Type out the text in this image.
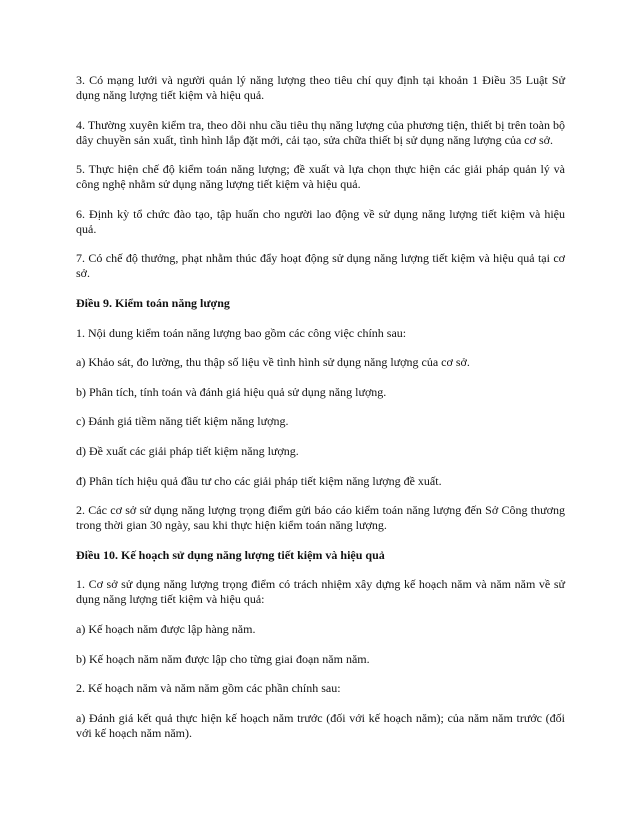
3. Có mạng lưới và người quản lý năng lượng theo tiêu chí quy định tại khoản 1 Điều 35 Luật Sử dụng năng lượng tiết kiệm và hiệu quả.

4. Thường xuyên kiểm tra, theo dõi nhu cầu tiêu thụ năng lượng của phương tiện, thiết bị trên toàn bộ dây chuyền sản xuất, tình hình lắp đặt mới, cải tạo, sửa chữa thiết bị sử dụng năng lượng của cơ sở.

5. Thực hiện chế độ kiểm toán năng lượng; đề xuất và lựa chọn thực hiện các giải pháp quản lý và công nghệ nhằm sử dụng năng lượng tiết kiệm và hiệu quả.

6. Định kỳ tổ chức đào tạo, tập huấn cho người lao động về sử dụng năng lượng tiết kiệm và hiệu quả.

7. Có chế độ thưởng, phạt nhằm thúc đẩy hoạt động sử dụng năng lượng tiết kiệm và hiệu quả tại cơ sở.

Điều 9. Kiểm toán năng lượng

1. Nội dung kiểm toán năng lượng bao gồm các công việc chính sau:

a) Khảo sát, đo lường, thu thập số liệu về tình hình sử dụng năng lượng của cơ sở.

b) Phân tích, tính toán và đánh giá hiệu quả sử dụng năng lượng.

c) Đánh giá tiềm năng tiết kiệm năng lượng.

d) Đề xuất các giải pháp tiết kiệm năng lượng.

đ) Phân tích hiệu quả đầu tư cho các giải pháp tiết kiệm năng lượng đề xuất.

2. Các cơ sở sử dụng năng lượng trọng điểm gửi báo cáo kiểm toán năng lượng đến Sở Công thương trong thời gian 30 ngày, sau khi thực hiện kiểm toán năng lượng.

Điều 10. Kế hoạch sử dụng năng lượng tiết kiệm và hiệu quả

1. Cơ sở sử dụng năng lượng trọng điểm có trách nhiệm xây dựng kế hoạch năm và năm năm về sử dụng năng lượng tiết kiệm và hiệu quả:

a) Kế hoạch năm được lập hàng năm.

b) Kế hoạch năm năm được lập cho từng giai đoạn năm năm.

2. Kế hoạch năm và năm năm gồm các phần chính sau:

a) Đánh giá kết quả thực hiện kế hoạch năm trước (đối với kế hoạch năm); của năm năm trước (đối với kế hoạch năm năm).
